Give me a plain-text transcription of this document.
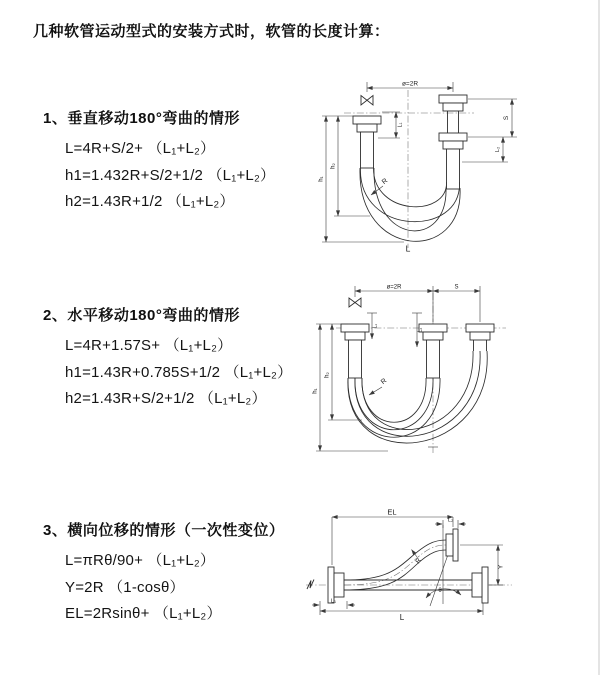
几种软管运动型式的安装方式时，软管的长度计算：

1、垂直移动180°弯曲的情形

L=4R+S/2+ （L₁+L₂）
h1=1.432R+S/2+1/2 （L₁+L₂）
h2=1.43R+1/2 （L₁+L₂）

2、水平移动180°弯曲的情形

L=4R+1.57S+ （L₁+L₂）
h1=1.43R+0.785S+1/2 （L₁+L₂）
h2=1.43R+S/2+1/2 （L₁+L₂）

3、横向位移的情形（一次性变位）

L=πRθ/90+ （L₁+L₂）
Y=2R （1-cosθ）
EL=2Rsinθ+ （L₁+L₂）
ø=2R
h₁
h₂
L₁
S
L₂
R
L
ø=2R	S
h₁
h₂
L₁
L₂
R
EL
L₂
Y
L
L₁
R
θ
